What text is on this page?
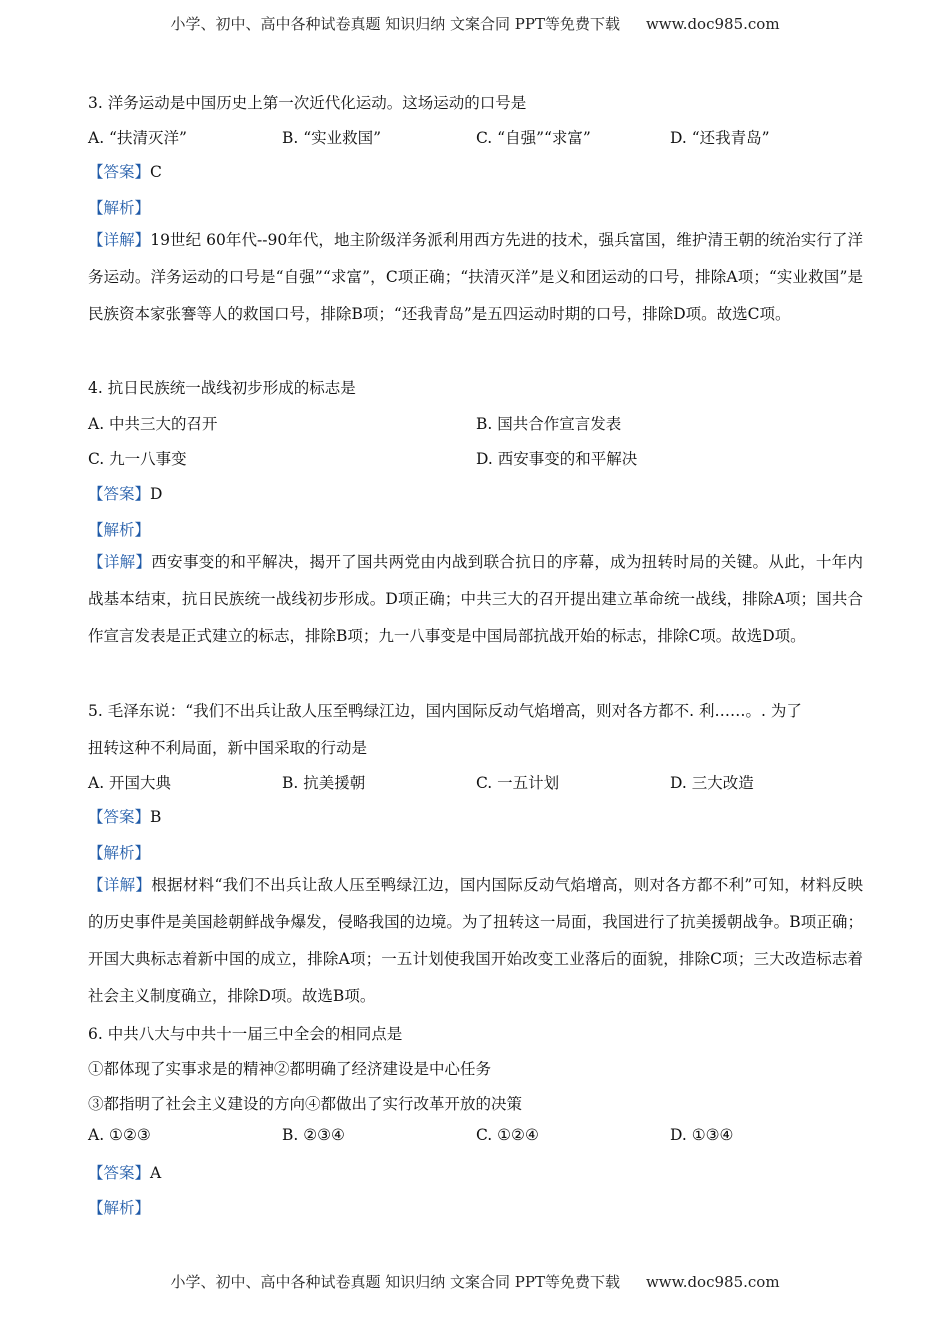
小学、初中、高中各种试卷真题 知识归纳 文案合同 PPT等免费下载 www.doc985.com
3. 洋务运动是中国历史上第一次近代化运动。这场运动的口号是
A. “扶清灭洋”	B. “实业救国”	C. “自强”“求富”	D. “还我青岛”
【答案】C
【解析】
【详解】19世纪 60年代--90年代，地主阶级洋务派利用西方先进的技术，强兵富国，维护清王朝的统治实行了洋务运动。洋务运动的口号是“自强”“求富”，C项正确；“扶清灭洋”是义和团运动的口号，排除A项；“实业救国”是民族资本家张謇等人的救国口号，排除B项；“还我青岛”是五四运动时期的口号，排除D项。故选C项。
4. 抗日民族统一战线初步形成的标志是
A. 中共三大的召开	B. 国共合作宣言发表
C. 九一八事变	D. 西安事变的和平解决
【答案】D
【解析】
【详解】西安事变的和平解决，揭开了国共两党由内战到联合抗日的序幕，成为扭转时局的关键。从此，十年内战基本结束，抗日民族统一战线初步形成。D项正确；中共三大的召开提出建立革命统一战线，排除A项；国共合作宣言发表是正式建立的标志，排除B项；九一八事变是中国局部抗战开始的标志，排除C项。故选D项。
5. 毛泽东说：“我们不出兵让敌人压至鸭绿江边，国内国际反动气焰增高，则对各方都不. 利……。. 为了
扭转这种不利局面，新中国采取的行动是
A. 开国大典	B. 抗美援朝	C. 一五计划	D. 三大改造
【答案】B
【解析】
【详解】根据材料“我们不出兵让敌人压至鸭绿江边，国内国际反动气焰增高，则对各方都不利”可知，材料反映的历史事件是美国趁朝鲜战争爆发，侵略我国的边境。为了扭转这一局面，我国进行了抗美援朝战争。B项正确；开国大典标志着新中国的成立，排除A项；一五计划使我国开始改变工业落后的面貌，排除C项；三大改造标志着社会主义制度确立，排除D项。故选B项。
6. 中共八大与中共十一届三中全会的相同点是
①都体现了实事求是的精神②都明确了经济建设是中心任务
③都指明了社会主义建设的方向④都做出了实行改革开放的决策
A. ①②③	B. ②③④	C. ①②④	D. ①③④
【答案】A
【解析】
小学、初中、高中各种试卷真题 知识归纳 文案合同 PPT等免费下载 www.doc985.com
